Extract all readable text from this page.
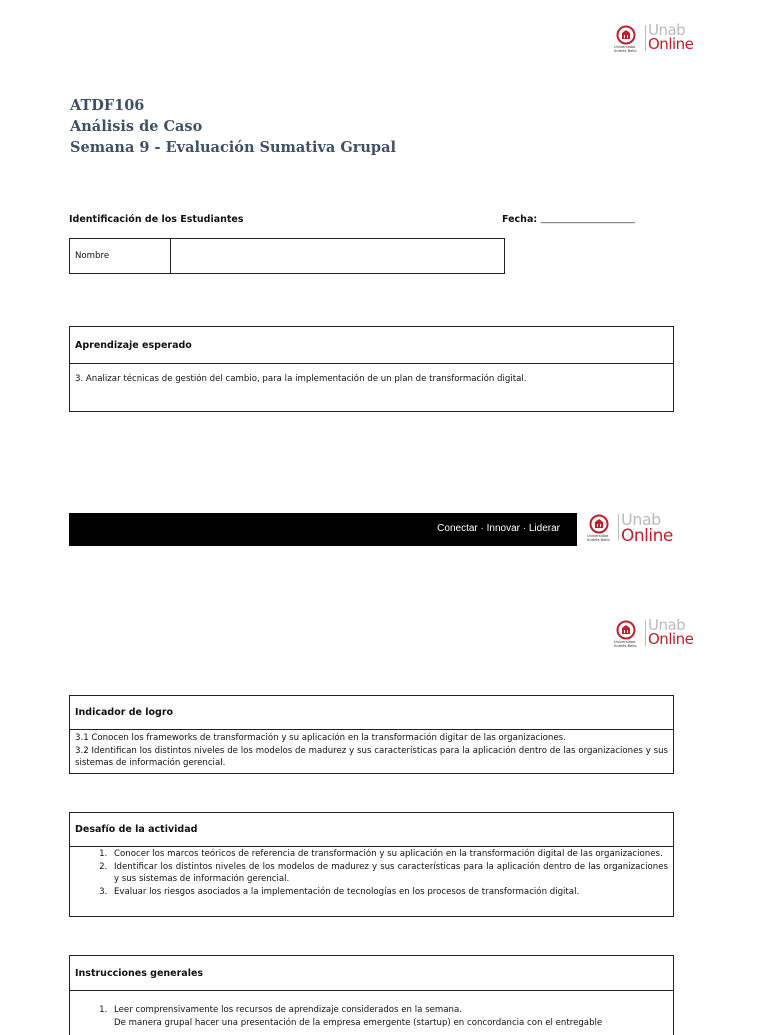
Universidad Andrés Bello
Unab
Online
ATDF106
Análisis de Caso
Semana 9 - Evaluación Sumativa Grupal
Identificación de los Estudiantes	Fecha: ________________________
Nombre
Aprendizaje esperado
3. Analizar técnicas de gestión del cambio, para la implementación de un plan de transformación digital.
Conectar · Innovar · Liderar
Universidad Andrés Bello
Unab
Online
Universidad Andrés Bello
Unab
Online
Indicador de logro
3.1 Conocen los frameworks de transformación y su aplicación en la transformación digitar de las organizaciones.
3.2 Identifican los distintos niveles de los modelos de madurez y sus características para la aplicación dentro de las organizaciones y sus sistemas de información gerencial.
Desafío de la actividad
1. Conocer los marcos teóricos de referencia de transformación y su aplicación en la transformación digital de las organizaciones.
2. Identificar los distintos niveles de los modelos de madurez y sus características para la aplicación dentro de las organizaciones y sus sistemas de información gerencial.
3. Evaluar los riesgos asociados a la implementación de tecnologías en los procesos de transformación digital.
Instrucciones generales
1. Leer comprensivamente los recursos de aprendizaje considerados en la semana.
2. De manera grupal hacer una presentación de la empresa emergente (startup) en concordancia con el entregable
